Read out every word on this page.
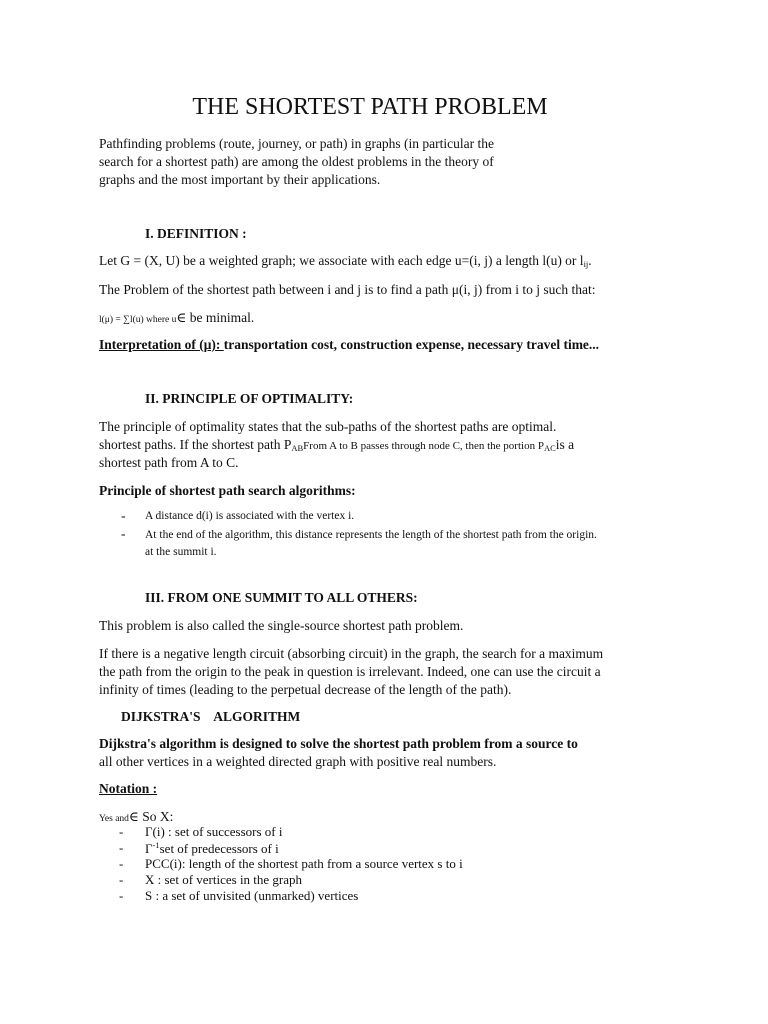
THE SHORTEST PATH PROBLEM
Pathfinding problems (route, journey, or path) in graphs (in particular the
search for a shortest path) are among the oldest problems in the theory of
graphs and the most important by their applications.
I. DEFINITION :
Let G = (X, U) be a weighted graph; we associate with each edge u=(i, j) a length l(u) or $l_{ij}$.
The Problem of the shortest path between i and j is to find a path μ(i, j) from i to j such that:
l(μ) = ∑l(u) where u∈ be minimal.
Interpretation of (μ): transportation cost, construction expense, necessary travel time...
II. PRINCIPLE OF OPTIMALITY:
The principle of optimality states that the sub-paths of the shortest paths are optimal.
shortest paths. If the shortest path $P_{AB}From$ A to B passes through node C, then the portion $P_{AC}is$ a
shortest path from A to C.
Principle of shortest path search algorithms:
- A distance d(i) is associated with the vertex i.
- At the end of the algorithm, this distance represents the length of the shortest path from the origin.
at the summit i.
III. FROM ONE SUMMIT TO ALL OTHERS:
This problem is also called the single-source shortest path problem.
If there is a negative length circuit (absorbing circuit) in the graph, the search for a maximum
the path from the origin to the peak in question is irrelevant. Indeed, one can use the circuit a
infinity of times (leading to the perpetual decrease of the length of the path).
DIJKSTRA'S    ALGORITHM
Dijkstra's algorithm is designed to solve the shortest path problem from a source to
all other vertices in a weighted directed graph with positive real numbers.
Notation :
Yes and∈ So X:
- Γ(i) : set of successors of i
- $\Gamma^{-1}set$ of predecessors of i
- PCC(i): length of the shortest path from a source vertex s to i
- X : set of vertices in the graph
- S : a set of unvisited (unmarked) vertices
